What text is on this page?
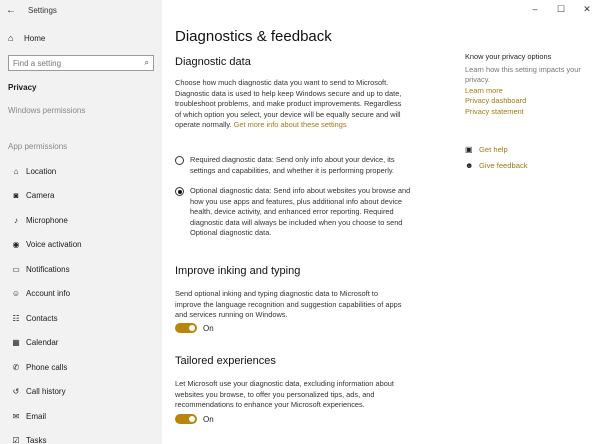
←	Settings
⌂	Home
Find a setting
⌕
Privacy
Windows permissions
App permissions
⌂ Location
◙ Camera
♪	Microphone
◉ Voice activation
▭ Notifications
☺ Account info
☷ Contacts
▦ Calendar
✆ Phone calls
↺ Call history
✉ Email
☑ Tasks
–	☐	✕
Diagnostics & feedback
Diagnostic data
Choose how much diagnostic data you want to send to Microsoft. Diagnostic data is used to help keep Windows secure and up to date, troubleshoot problems, and make product improvements. Regardless of which option you select, your device will be equally secure and will operate normally. Get more info about these settings
Required diagnostic data: Send only info about your device, its settings and capabilities, and whether it is performing properly.
Optional diagnostic data: Send info about websites you browse and how you use apps and features, plus additional info about device health, device activity, and enhanced error reporting. Required diagnostic data will always be included when you choose to send Optional diagnostic data.
Improve inking and typing
Send optional inking and typing diagnostic data to Microsoft to improve the language recognition and suggestion capabilities of apps and services running on Windows.
On
Tailored experiences
Let Microsoft use your diagnostic data, excluding information about websites you browse, to offer you personalized tips, ads, and recommendations to enhance your Microsoft experiences.
On
Know your privacy options
Learn how this setting impacts your privacy.
Learn more
Privacy dashboard
Privacy statement
▣ Get help
☻ Give feedback
